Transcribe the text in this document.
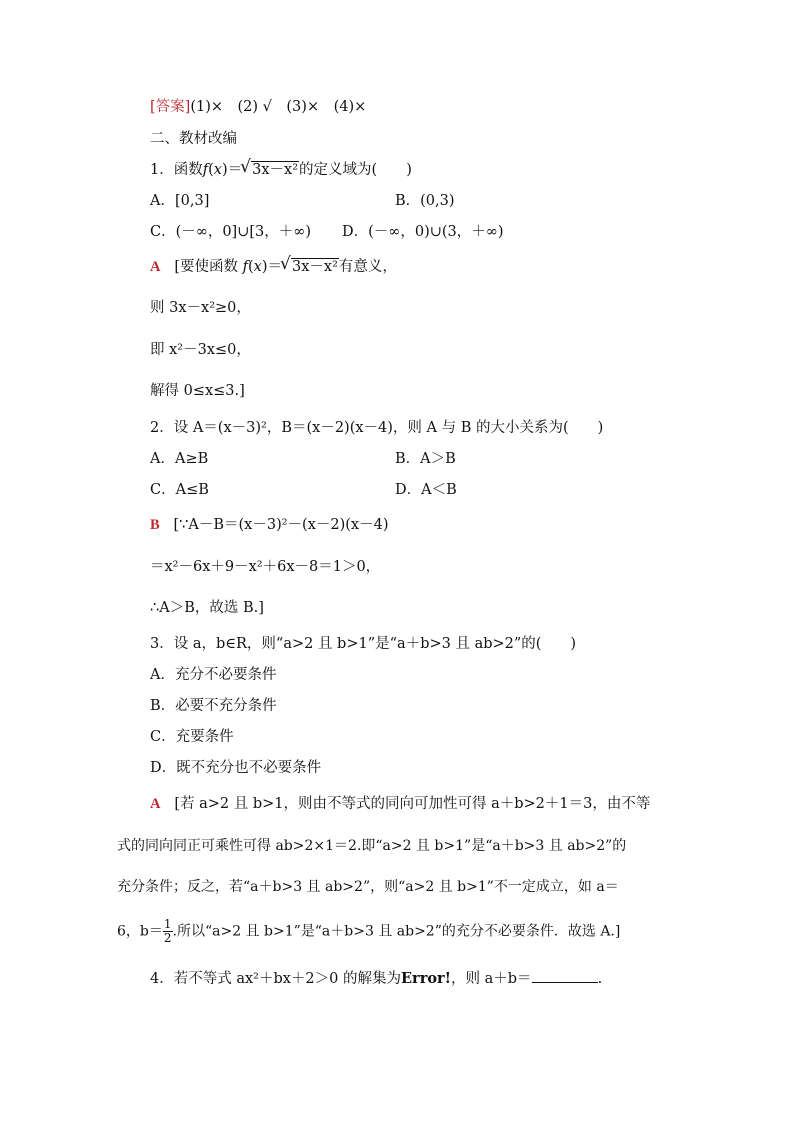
[答案](1)×　(2) √　(3)×　(4)×
二、教材改编
1．函数f(x)＝ √ 3x－x²的定义域为(　　)
A．[0,3]	B．(0,3)
C．(－∞，0]∪[3，＋∞) D．(－∞，0)∪(3，＋∞)
A [要使函数 f(x)＝ √ 3x－x²有意义，
则 3x－x²≥0，
即 x²－3x≤0，
解得 0≤x≤3.]
2．设 A＝(x－3)²，B＝(x－2)(x－4)，则 A 与 B 的大小关系为(　　)
A．A≥B	B．A＞B
C．A≤B	D．A＜B
B [∵A－B＝(x－3)²－(x－2)(x－4)
＝x²－6x＋9－x²＋6x－8＝1＞0，
∴A＞B，故选 B.]
3．设 a，b∈R，则“a>2 且 b>1”是“a＋b>3 且 ab>2”的(　　)
A．充分不必要条件
B．必要不充分条件
C．充要条件
D．既不充分也不必要条件
A [若 a>2 且 b>1，则由不等式的同向可加性可得 a＋b>2＋1＝3，由不等
式的同向同正可乘性可得 ab>2×1＝2.即“a>2 且 b>1”是“a＋b>3 且 ab>2”的
充分条件；反之，若“a＋b>3 且 ab>2”，则“a>2 且 b>1”不一定成立，如 a＝
6，$b= \frac{1}{2}$ .所以“a>2 且 b>1”是“a＋b>3 且 ab>2”的充分不必要条件．故选 A.]
4．若不等式 ax²＋bx＋2＞0 的解集为Error!，则 a＋b＝	.
